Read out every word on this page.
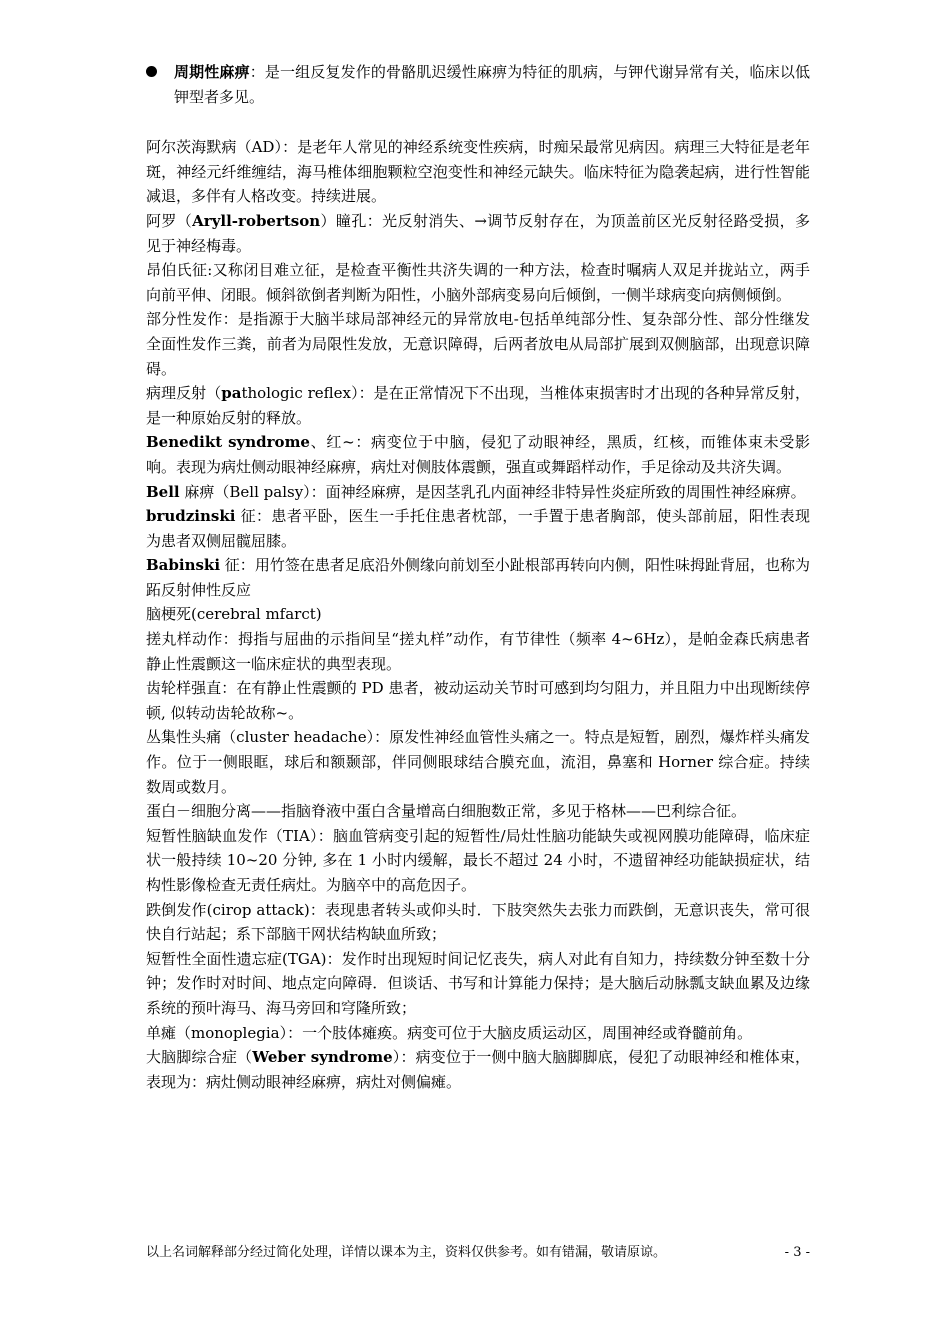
周期性麻痹：是一组反复发作的骨骼肌迟缓性麻痹为特征的肌病，与钾代谢异常有关，临床以低钾型者多见。

阿尔茨海默病（AD）：是老年人常见的神经系统变性疾病，时痴呆最常见病因。病理三大特征是老年斑，神经元纤维缠结，海马椎体细胞颗粒空泡变性和神经元缺失。临床特征为隐袭起病，进行性智能减退，多伴有人格改变。持续进展。

阿罗（Aryll-robertson）瞳孔：光反射消失、→调节反射存在，为顶盖前区光反射径路受损，多见于神经梅毒。

昂伯氏征:又称闭目难立征，是检查平衡性共济失调的一种方法，检查时嘱病人双足并拢站立，两手向前平伸、闭眼。倾斜欲倒者判断为阳性，小脑外部病变易向后倾倒，一侧半球病变向病侧倾倒。

部分性发作：是指源于大脑半球局部神经元的异常放电-包括单纯部分性、复杂部分性、部分性继发全面性发作三粪，前者为局限性发放，无意识障碍，后两者放电从局部扩展到双侧脑部，出现意识障碍。

病理反射（pathologic reflex）：是在正常情况下不出现，当椎体束损害时才出现的各种异常反射，是一种原始反射的释放。

Benedikt syndrome、红~：病变位于中脑，侵犯了动眼神经，黑质，红核，而锥体束未受影响。表现为病灶侧动眼神经麻痹，病灶对侧肢体震颤，强直或舞蹈样动作，手足徐动及共济失调。

Bell 麻痹（Bell palsy）：面神经麻痹，是因茎乳孔内面神经非特异性炎症所致的周围性神经麻痹。

brudzinski 征：患者平卧，医生一手托住患者枕部，一手置于患者胸部，使头部前屈，阳性表现为患者双侧屈髋屈膝。

Babinski 征：用竹签在患者足底沿外侧缘向前划至小趾根部再转向内侧，阳性味拇趾背屈，也称为跖反射伸性反应

脑梗死(cerebral mfarct)

搓丸样动作：拇指与屈曲的示指间呈“搓丸样”动作，有节律性（频率 4~6Hz），是帕金森氏病患者静止性震颤这一临床症状的典型表现。

齿轮样强直：在有静止性震颤的 PD 患者，被动运动关节时可感到均匀阻力，并且阻力中出现断续停顿, 似转动齿轮故称~。

丛集性头痛（cluster headache）：原发性神经血管性头痛之一。特点是短暂，剧烈，爆炸样头痛发作。位于一侧眼眶，球后和额颞部，伴同侧眼球结合膜充血，流泪，鼻塞和 Horner 综合症。持续数周或数月。

蛋白－细胞分离——指脑脊液中蛋白含量增高白细胞数正常，多见于格林——巴利综合征。

短暂性脑缺血发作（TIA）：脑血管病变引起的短暂性/局灶性脑功能缺失或视网膜功能障碍，临床症状一般持续 10~20 分钟, 多在 1 小时内缓解，最长不超过 24 小时，不遗留神经功能缺损症状，结构性影像检查无责任病灶。为脑卒中的高危因子。

跌倒发作(cirop attack)：表现患者转头或仰头时．下肢突然失去张力而跌倒，无意识丧失，常可很快自行站起；系下部脑干网状结构缺血所致；

短暂性全面性遗忘症(TGA)：发作时出现短时间记忆丧失，病人对此有自知力，持续数分钟至数十分钟；发作时对时间、地点定向障碍．但谈话、书写和计算能力保持；是大脑后动脉瓢支缺血累及边缘系统的预叶海马、海马旁回和穹隆所致；

单瘫（monoplegia）：一个肢体瘫痪。病变可位于大脑皮质运动区，周围神经或脊髓前角。

大脑脚综合症（Weber syndrome）：病变位于一侧中脑大脑脚脚底，侵犯了动眼神经和椎体束，表现为：病灶侧动眼神经麻痹，病灶对侧偏瘫。

以上名词解释部分经过简化处理，详情以课本为主，资料仅供参考。如有错漏，敬请原谅。	- 3 -
